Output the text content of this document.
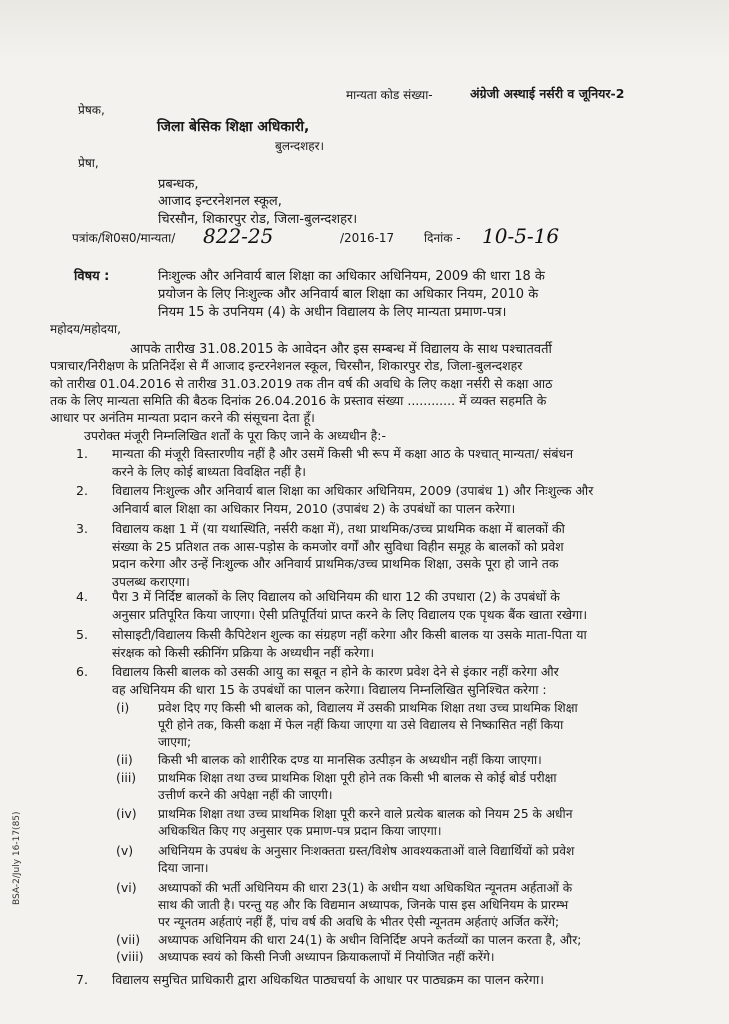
मान्यता कोड संख्या-	अंग्रेजी अस्थाई नर्सरी व जूनियर-2
प्रेषक,
जिला बेसिक शिक्षा अधिकारी,
बुलन्दशहर।
प्रेषा,
प्रबन्धक,
आजाद इन्टरनेशनल स्कूल,
चिरसौन, शिकारपुर रोड, जिला-बुलन्दशहर।
पत्रांक/शि0स0/मान्यता/ 822-25	/2016-17 दिनांक - 10-5-16
विषय :	निःशुल्क और अनिवार्य बाल शिक्षा का अधिकार अधिनियम, 2009 की धारा 18 के
प्रयोजन के लिए निःशुल्क और अनिवार्य बाल शिक्षा का अधिकार नियम, 2010 के
नियम 15 के उपनियम (4) के अधीन विद्यालय के लिए मान्यता प्रमाण-पत्र।
महोदय/महोदया,
आपके तारीख 31.08.2015 के आवेदन और इस सम्बन्ध में विद्यालय के साथ पश्चातवर्ती
पत्राचार/निरीक्षण के प्रतिनिर्देश से मैं आजाद इन्टरनेशनल स्कूल, चिरसौन, शिकारपुर रोड, जिला-बुलन्दशहर
को तारीख 01.04.2016 से तारीख 31.03.2019 तक तीन वर्ष की अवधि के लिए कक्षा नर्सरी से कक्षा आठ
तक के लिए मान्यता समिति की बैठक दिनांक 26.04.2016 के प्रस्ताव संख्या ............ में व्यक्त सहमति के
आधार पर अनंतिम मान्यता प्रदान करने की संसूचना देता हूँ।
उपरोक्त मंजूरी निम्नलिखित शर्तों के पूरा किए जाने के अध्यधीन है:-
1. मान्यता की मंजूरी विस्तारणीय नहीं है और उसमें किसी भी रूप में कक्षा आठ के पश्चात् मान्यता/ संबंधन
करने के लिए कोई बाध्यता विवक्षित नहीं है।
2. विद्यालय निःशुल्क और अनिवार्य बाल शिक्षा का अधिकार अधिनियम, 2009 (उपाबंध 1) और निःशुल्क और
अनिवार्य बाल शिक्षा का अधिकार नियम, 2010 (उपाबंध 2) के उपबंधों का पालन करेगा।
3. विद्यालय कक्षा 1 में (या यथास्थिति, नर्सरी कक्षा में), तथा प्राथमिक/उच्च प्राथमिक कक्षा में बालकों की
संख्या के 25 प्रतिशत तक आस-पड़ोस के कमजोर वर्गों और सुविधा विहीन समूह के बालकों को प्रवेश
प्रदान करेगा और उन्हें निःशुल्क और अनिवार्य प्राथमिक/उच्च प्राथमिक शिक्षा, उसके पूरा हो जाने तक
उपलब्ध कराएगा।
4. पैरा 3 में निर्दिष्ट बालकों के लिए विद्यालय को अधिनियम की धारा 12 की उपधारा (2) के उपबंधों के
अनुसार प्रतिपूरित किया जाएगा। ऐसी प्रतिपूर्तियां प्राप्त करने के लिए विद्यालय एक पृथक बैंक खाता रखेगा।
5. सोसाइटी/विद्यालय किसी कैपिटेशन शुल्क का संग्रहण नहीं करेगा और किसी बालक या उसके माता-पिता या
संरक्षक को किसी स्क्रीनिंग प्रक्रिया के अध्यधीन नहीं करेगा।
6. विद्यालय किसी बालक को उसकी आयु का सबूत न होने के कारण प्रवेश देने से इंकार नहीं करेगा और
वह अधिनियम की धारा 15 के उपबंधों का पालन करेगा। विद्यालय निम्नलिखित सुनिश्चित करेगा :
(i) प्रवेश दिए गए किसी भी बालक को, विद्यालय में उसकी प्राथमिक शिक्षा तथा उच्च प्राथमिक शिक्षा
पूरी होने तक, किसी कक्षा में फेल नहीं किया जाएगा या उसे विद्यालय से निष्कासित नहीं किया
जाएगा;
(ii) किसी भी बालक को शारीरिक दण्ड या मानसिक उत्पीड़न के अध्यधीन नहीं किया जाएगा।
(iii) प्राथमिक शिक्षा तथा उच्च प्राथमिक शिक्षा पूरी होने तक किसी भी बालक से कोई बोर्ड परीक्षा
उत्तीर्ण करने की अपेक्षा नहीं की जाएगी।
(iv) प्राथमिक शिक्षा तथा उच्च प्राथमिक शिक्षा पूरी करने वाले प्रत्येक बालक को नियम 25 के अधीन
अधिकथित किए गए अनुसार एक प्रमाण-पत्र प्रदान किया जाएगा।
(v) अधिनियम के उपबंध के अनुसार निःशक्तता ग्रस्त/विशेष आवश्यकताओं वाले विद्यार्थियों को प्रवेश
दिया जाना।
(vi) अध्यापकों की भर्ती अधिनियम की धारा 23(1) के अधीन यथा अधिकथित न्यूनतम अर्हताओं के
साथ की जाती है। परन्तु यह और कि विद्यमान अध्यापक, जिनके पास इस अधिनियम के प्रारम्भ
पर न्यूनतम अर्हताएं नहीं हैं, पांच वर्ष की अवधि के भीतर ऐसी न्यूनतम अर्हताएं अर्जित करेंगे;
(vii) अध्यापक अधिनियम की धारा 24(1) के अधीन विनिर्दिष्ट अपने कर्तव्यों का पालन करता है, और;
(viii) अध्यापक स्वयं को किसी निजी अध्यापन क्रियाकलापों में नियोजित नहीं करेंगे।
7. विद्यालय समुचित प्राधिकारी द्वारा अधिकथित पाठ्यचर्या के आधार पर पाठ्यक्रम का पालन करेगा।
BSA-2/July 16-17(85)
